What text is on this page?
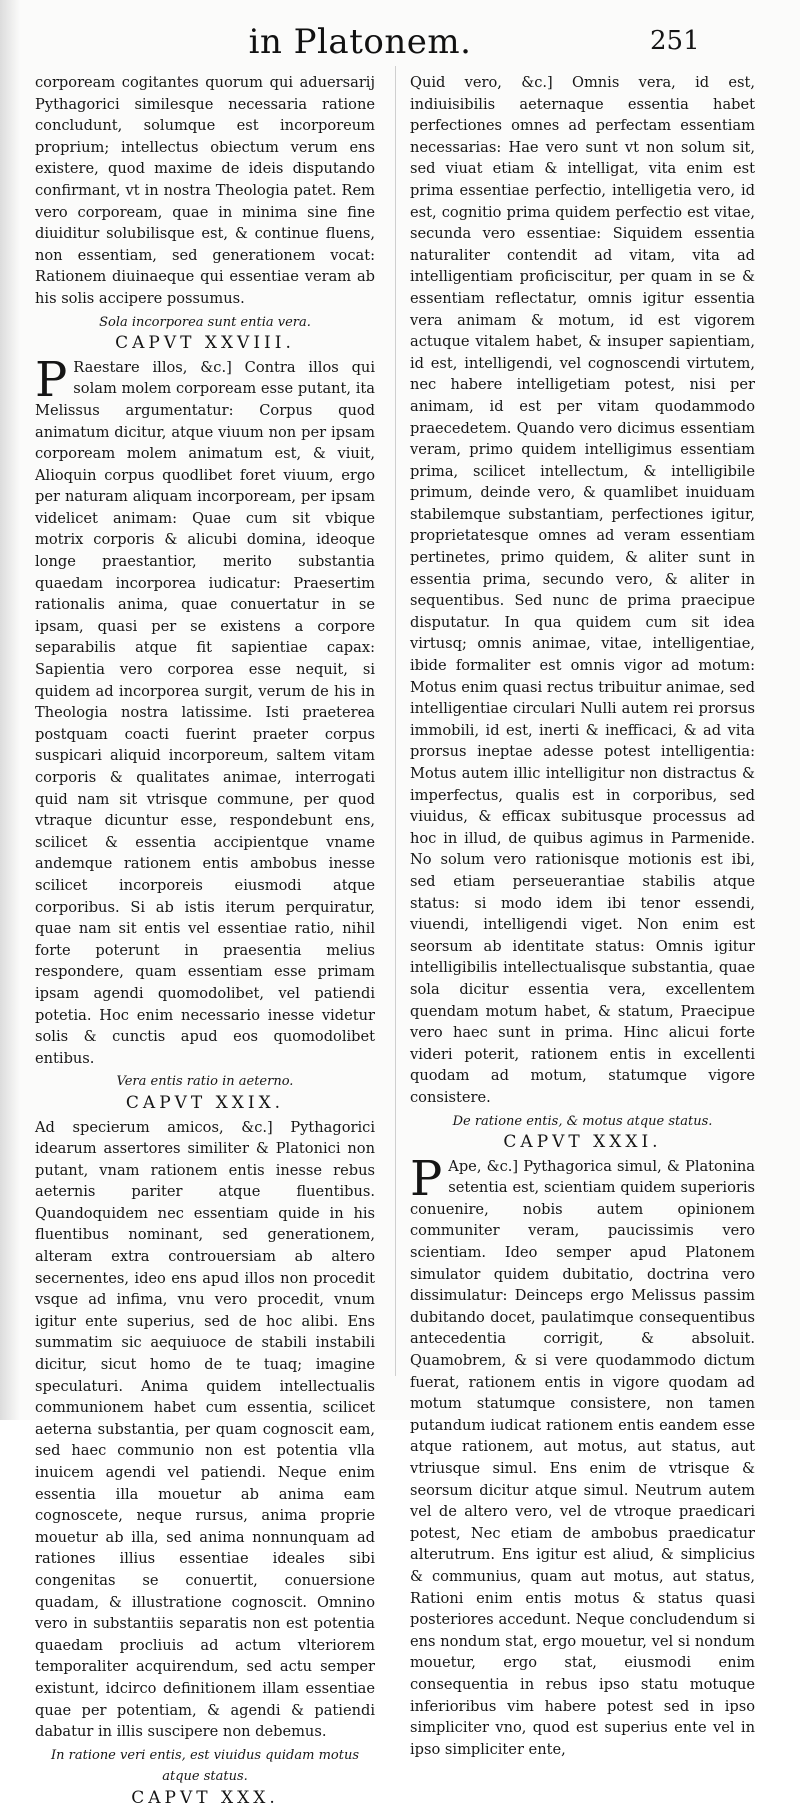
in Platonem.	251

corpoream cogitantes quorum qui aduersarij Pythagorici similesque necessaria ratione concludunt, solumque est incorporeum proprium; intellectus obiectum verum ens existere, quod maxime de ideis disputando confirmant, vt in nostra Theologia patet. Rem vero corpoream, quae in minima sine fine diuiditur solubilisque est, & continue fluens, non essentiam, sed generationem vocat: Rationem diuinaeque qui essentiae veram ab his solis accipere possumus.

Sola incorporea sunt entia vera.
CAPVT XXVIII.

P Raestare illos, &c.] Contra illos qui solam molem corpoream esse putant, ita Melissus argumentatur: Corpus quod animatum dicitur, atque viuum non per ipsam corpoream molem animatum est, & viuit, Alioquin corpus quodlibet foret viuum, ergo per naturam aliquam incorpoream, per ipsam videlicet animam: Quae cum sit vbique motrix corporis & alicubi domina, ideoque longe praestantior, merito substantia quaedam incorporea iudicatur: Praesertim rationalis anima, quae conuertatur in se ipsam, quasi per se existens a corpore separabilis atque fit sapientiae capax: Sapientia vero corporea esse nequit, si quidem ad incorporea surgit, verum de his in Theologia nostra latissime. Isti praeterea postquam coacti fuerint praeter corpus suspicari aliquid incorporeum, saltem vitam corporis & qualitates animae, interrogati quid nam sit vtrisque commune, per quod vtraque dicuntur esse, respondebunt ens, scilicet & essentia accipientque vname andemque rationem entis ambobus inesse scilicet incorporeis eiusmodi atque corporibus. Si ab istis iterum perquiratur, quae nam sit entis vel essentiae ratio, nihil forte poterunt in praesentia melius respondere, quam essentiam esse primam ipsam agendi quomodolibet, vel patiendi potetia. Hoc enim necessario inesse videtur solis & cunctis apud eos quomodolibet entibus.

Vera entis ratio in aeterno.
CAPVT XXIX.

Ad specierum amicos, &c.] Pythagorici idearum assertores similiter & Platonici non putant, vnam rationem entis inesse rebus aeternis pariter atque fluentibus. Quandoquidem nec essentiam quide in his fluentibus nominant, sed generationem, alteram extra controuersiam ab altero secernentes, ideo ens apud illos non procedit vsque ad infima, vnu vero procedit, vnum igitur ente superius, sed de hoc alibi. Ens summatim sic aequiuoce de stabili instabili dicitur, sicut homo de te tuaq; imagine speculaturi. Anima quidem intellectualis communionem habet cum essentia, scilicet aeterna substantia, per quam cognoscit eam, sed haec communio non est potentia vlla inuicem agendi vel patiendi. Neque enim essentia illa mouetur ab anima eam cognoscete, neque rursus, anima proprie mouetur ab illa, sed anima nonnunquam ad rationes illius essentiae ideales sibi congenitas se conuertit, conuersione quadam, & illustratione cognoscit. Omnino vero in substantiis separatis non est potentia quaedam procliuis ad actum vlteriorem temporaliter acquirendum, sed actu semper existunt, idcirco definitionem illam essentiae quae per potentiam, & agendi & patiendi dabatur in illis suscipere non debemus.

In ratione veri entis, est viuidus quidam motus atque status.
CAPVT XXX.

Quid vero, &c.] Omnis vera, id est, indiuisibilis aeternaque essentia habet perfectiones omnes ad perfectam essentiam necessarias: Hae vero sunt vt non solum sit, sed viuat etiam & intelligat, vita enim est prima essentiae perfectio, intelligetia vero, id est, cognitio prima quidem perfectio est vitae, secunda vero essentiae: Siquidem essentia naturaliter contendit ad vitam, vita ad intelligentiam proficiscitur, per quam in se & essentiam reflectatur, omnis igitur essentia vera animam & motum, id est vigorem actuque vitalem habet, & insuper sapientiam, id est, intelligendi, vel cognoscendi virtutem, nec habere intelligetiam potest, nisi per animam, id est per vitam quodammodo praecedetem. Quando vero dicimus essentiam veram, primo quidem intelligimus essentiam prima, scilicet intellectum, & intelligibile primum, deinde vero, & quamlibet inuiduam stabilemque substantiam, perfectiones igitur, proprietatesque omnes ad veram essentiam pertinetes, primo quidem, & aliter sunt in essentia prima, secundo vero, & aliter in sequentibus. Sed nunc de prima praecipue disputatur. In qua quidem cum sit idea virtusq; omnis animae, vitae, intelligentiae, ibide formaliter est omnis vigor ad motum: Motus enim quasi rectus tribuitur animae, sed intelligentiae circulari Nulli autem rei prorsus immobili, id est, inerti & inefficaci, & ad vita prorsus ineptae adesse potest intelligentia: Motus autem illic intelligitur non distractus & imperfectus, qualis est in corporibus, sed viuidus, & efficax subitusque processus ad hoc in illud, de quibus agimus in Parmenide. No solum vero rationisque motionis est ibi, sed etiam perseuerantiae stabilis atque status: si modo idem ibi tenor essendi, viuendi, intelligendi viget. Non enim est seorsum ab identitate status: Omnis igitur intelligibilis intellectualisque substantia, quae sola dicitur essentia vera, excellentem quendam motum habet, & statum, Praecipue vero haec sunt in prima. Hinc alicui forte videri poterit, rationem entis in excellenti quodam ad motum, statumque vigore consistere.

De ratione entis, & motus atque status.
CAPVT XXXI.

P Ape, &c.] Pythagorica simul, & Platonina setentia est, scientiam quidem superioris conuenire, nobis autem opinionem communiter veram, paucissimis vero scientiam. Ideo semper apud Platonem simulator quidem dubitatio, doctrina vero dissimulatur: Deinceps ergo Melissus passim dubitando docet, paulatimque consequentibus antecedentia corrigit, & absoluit. Quamobrem, & si vere quodammodo dictum fuerat, rationem entis in vigore quodam ad motum statumque consistere, non tamen putandum iudicat rationem entis eandem esse atque rationem, aut motus, aut status, aut vtriusque simul. Ens enim de vtrisque & seorsum dicitur atque simul. Neutrum autem vel de altero vero, vel de vtroque praedicari potest, Nec etiam de ambobus praedicatur alterutrum. Ens igitur est aliud, & simplicius & communius, quam aut motus, aut status, Rationi enim entis motus & status quasi posteriores accedunt. Neque concludendum si ens nondum stat, ergo mouetur, vel si nondum mouetur, ergo stat, eiusmodi enim consequentia in rebus ipso statu motuque inferioribus vim habere potest sed in ipso simpliciter vno, quod est superius ente vel in ipso simpliciter ente,
